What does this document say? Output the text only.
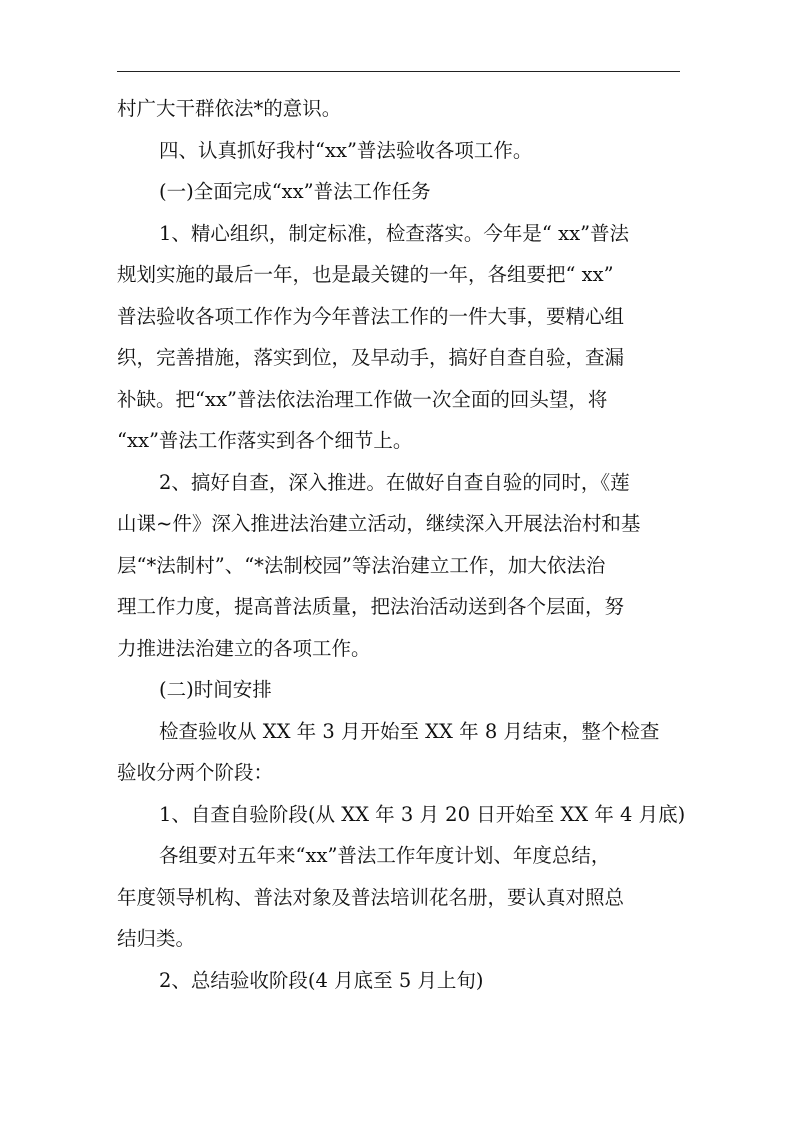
村广大干群依法*的意识。

四、认真抓好我村“xx”普法验收各项工作。

(一)全面完成“xx”普法工作任务

1、精心组织，制定标准，检查落实。今年是“ xx”普法
规划实施的最后一年，也是最关键的一年，各组要把“ xx”
普法验收各项工作作为今年普法工作的一件大事，要精心组
织，完善措施，落实到位，及早动手，搞好自查自验，查漏
补缺。把“xx”普法依法治理工作做一次全面的回头望，将
“xx”普法工作落实到各个细节上。

2、搞好自查，深入推进。在做好自查自验的同时，《莲
山课~件》深入推进法治建立活动，继续深入开展法治村和基
层“*法制村”、“*法制校园”等法治建立工作，加大依法治
理工作力度，提高普法质量，把法治活动送到各个层面，努
力推进法治建立的各项工作。

(二)时间安排

检查验收从 XX 年 3 月开始至 XX 年 8 月结束，整个检查
验收分两个阶段：

1、自查自验阶段(从 XX 年 3 月 20 日开始至 XX 年 4 月底)

各组要对五年来“xx”普法工作年度计划、年度总结，
年度领导机构、普法对象及普法培训花名册，要认真对照总
结归类。

2、总结验收阶段(4 月底至 5 月上旬)
